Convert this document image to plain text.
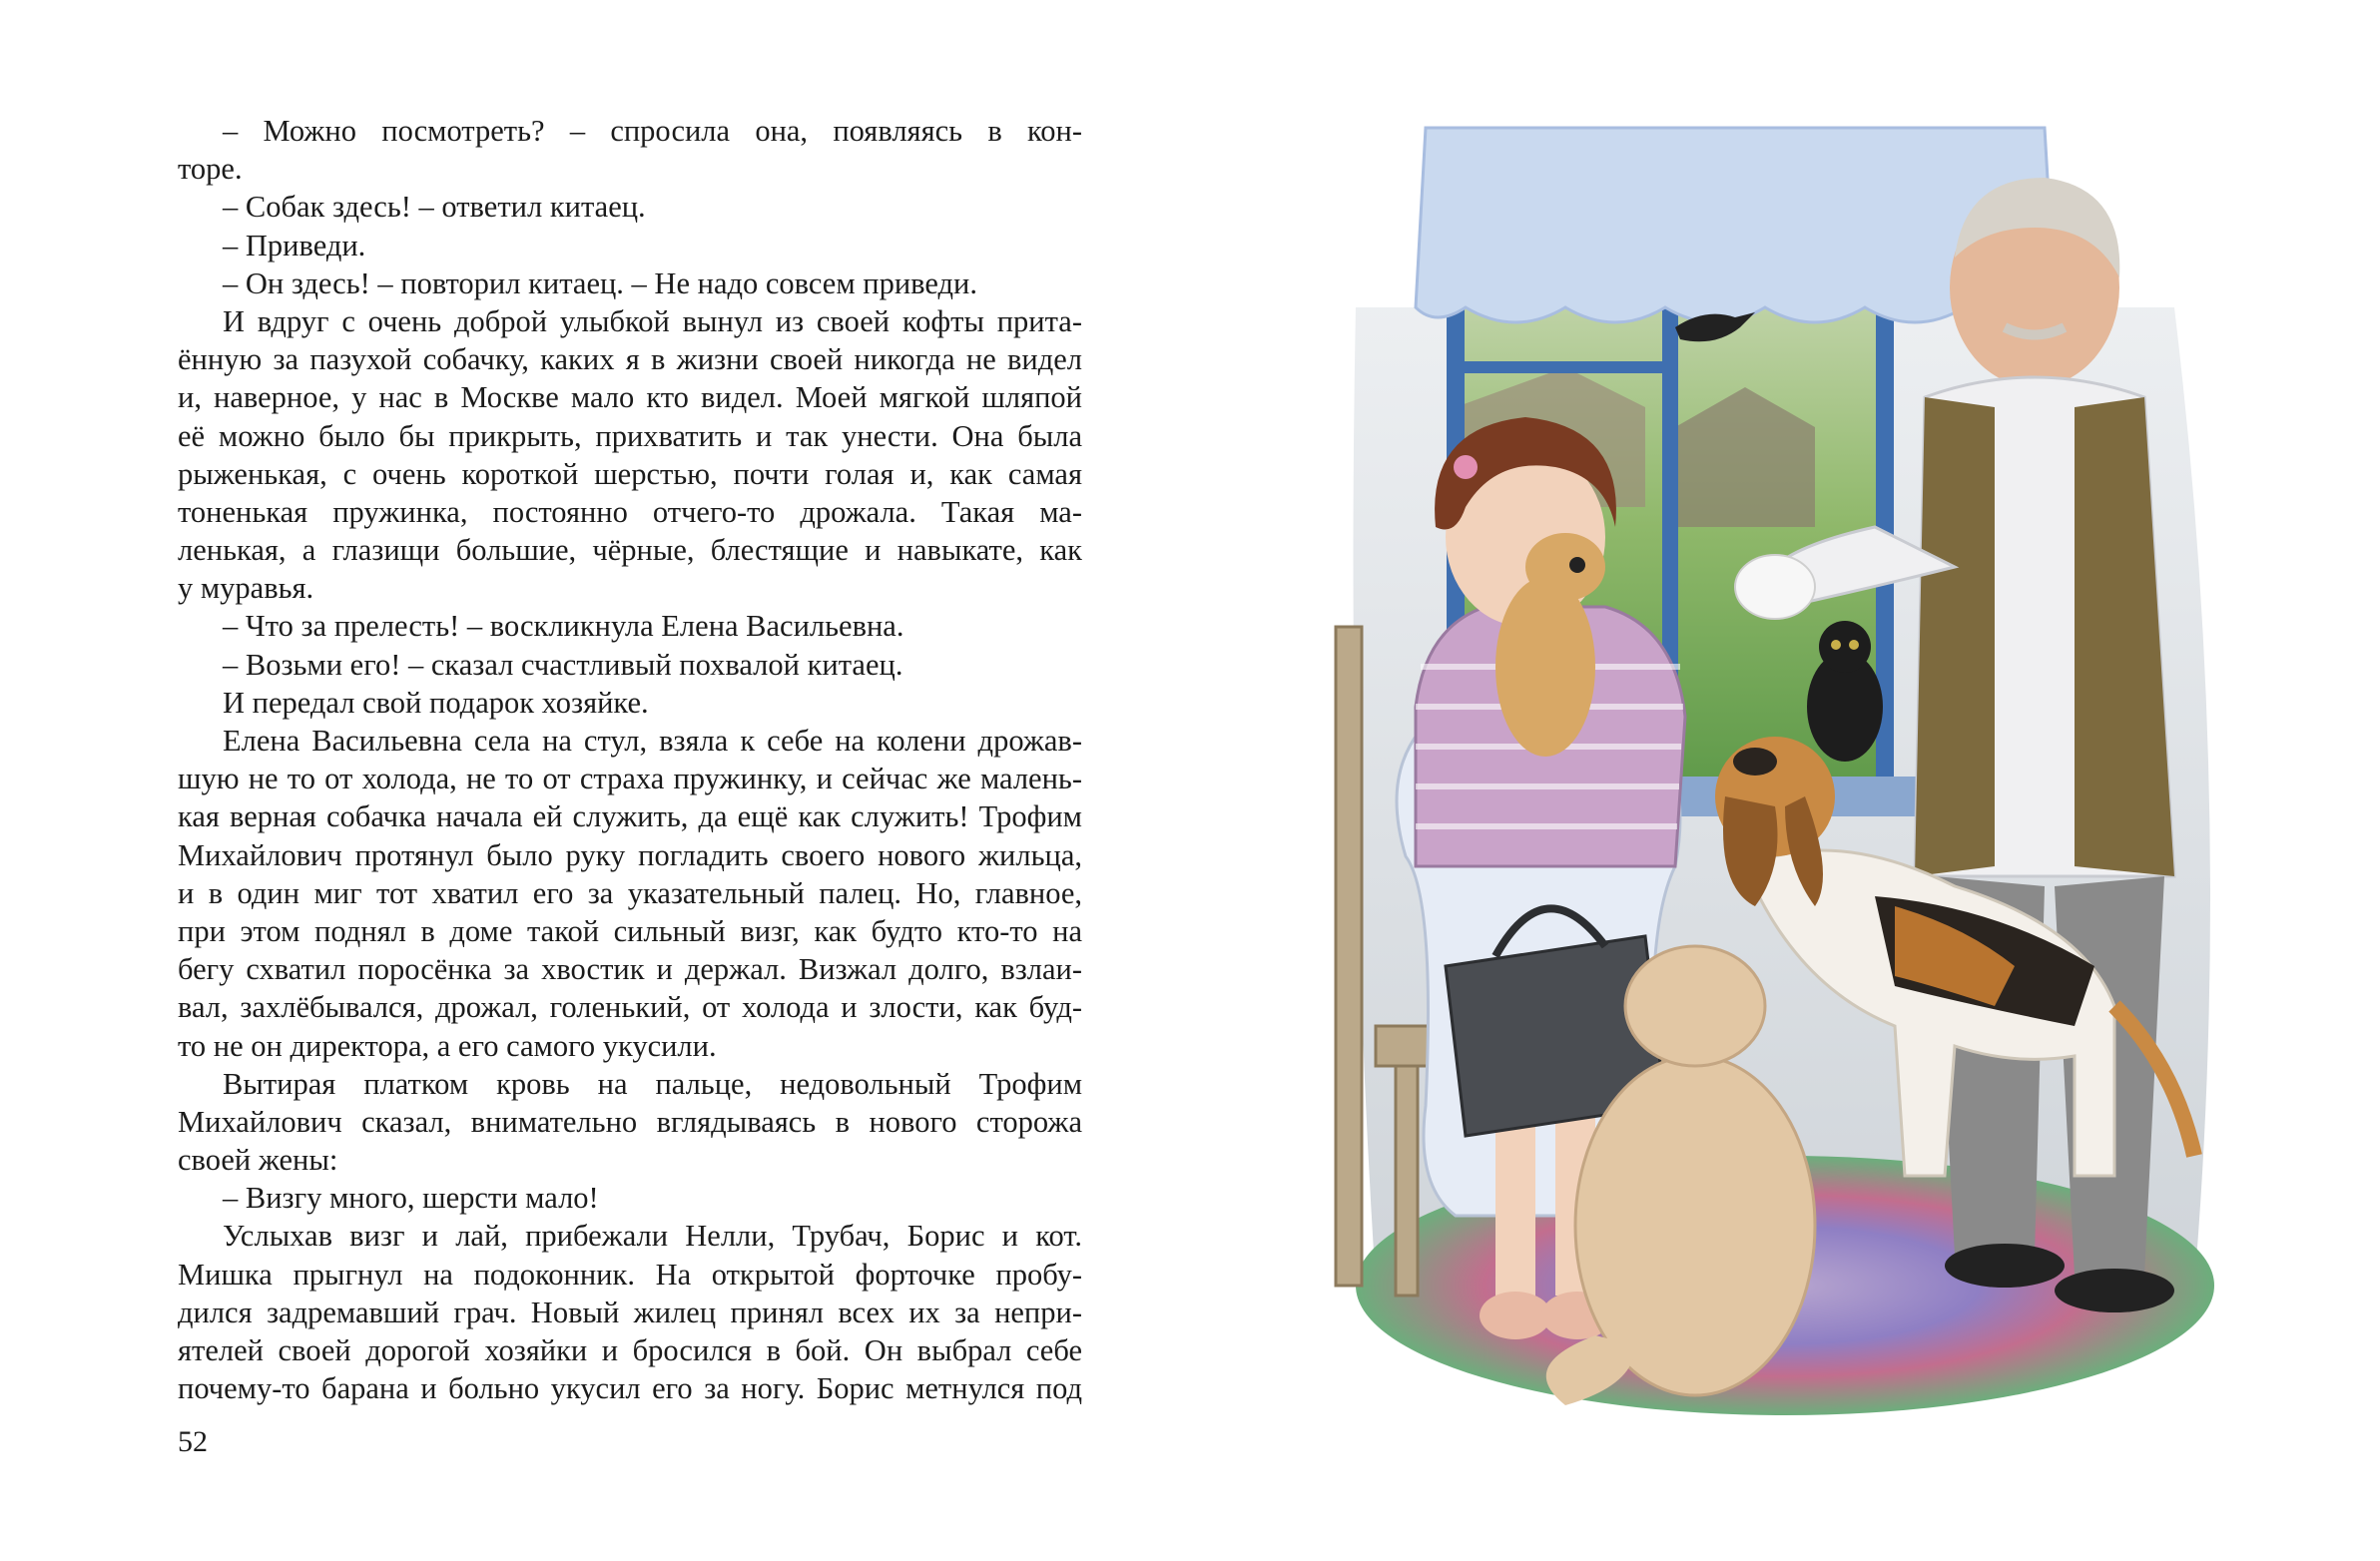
– Можно посмотреть? – спросила она, появляясь в кон-
торе.
– Собак здесь! – ответил китаец.
– Приведи.
– Он здесь! – повторил китаец. – Не надо совсем приведи.
И вдруг с очень доброй улыбкой вынул из своей кофты прита-
ённую за пазухой собачку, каких я в жизни своей никогда не видел
и, наверное, у нас в Москве мало кто видел. Моей мягкой шляпой
её можно было бы прикрыть, прихватить и так унести. Она была
рыженькая, с очень короткой шерстью, почти голая и, как самая
тоненькая пружинка, постоянно отчего-то дрожала. Такая ма-
ленькая, а глазищи большие, чёрные, блестящие и навыкате, как
у муравья.
– Что за прелесть! – воскликнула Елена Васильевна.
– Возьми его! – сказал счастливый похвалой китаец.
И передал свой подарок хозяйке.
Елена Васильевна села на стул, взяла к себе на колени дрожав-
шую не то от холода, не то от страха пружинку, и сейчас же малень-
кая верная собачка начала ей служить, да ещё как служить! Трофим
Михайлович протянул было руку погладить своего нового жильца,
и в один миг тот хватил его за указательный палец. Но, главное,
при этом поднял в доме такой сильный визг, как будто кто-то на
бегу схватил поросёнка за хвостик и держал. Визжал долго, взлаи-
вал, захлёбывался, дрожал, голенький, от холода и злости, как буд-
то не он директора, а его самого укусили.
Вытирая платком кровь на пальце, недовольный Трофим
Михайлович сказал, внимательно вглядываясь в нового сторожа
своей жены:
– Визгу много, шерсти мало!
Услыхав визг и лай, прибежали Нелли, Трубач, Борис и кот.
Мишка прыгнул на подоконник. На открытой форточке пробу-
дился задремавший грач. Новый жилец принял всех их за непри-
ятелей своей дорогой хозяйки и бросился в бой. Он выбрал себе
почему-то барана и больно укусил его за ногу. Борис метнулся под
52
